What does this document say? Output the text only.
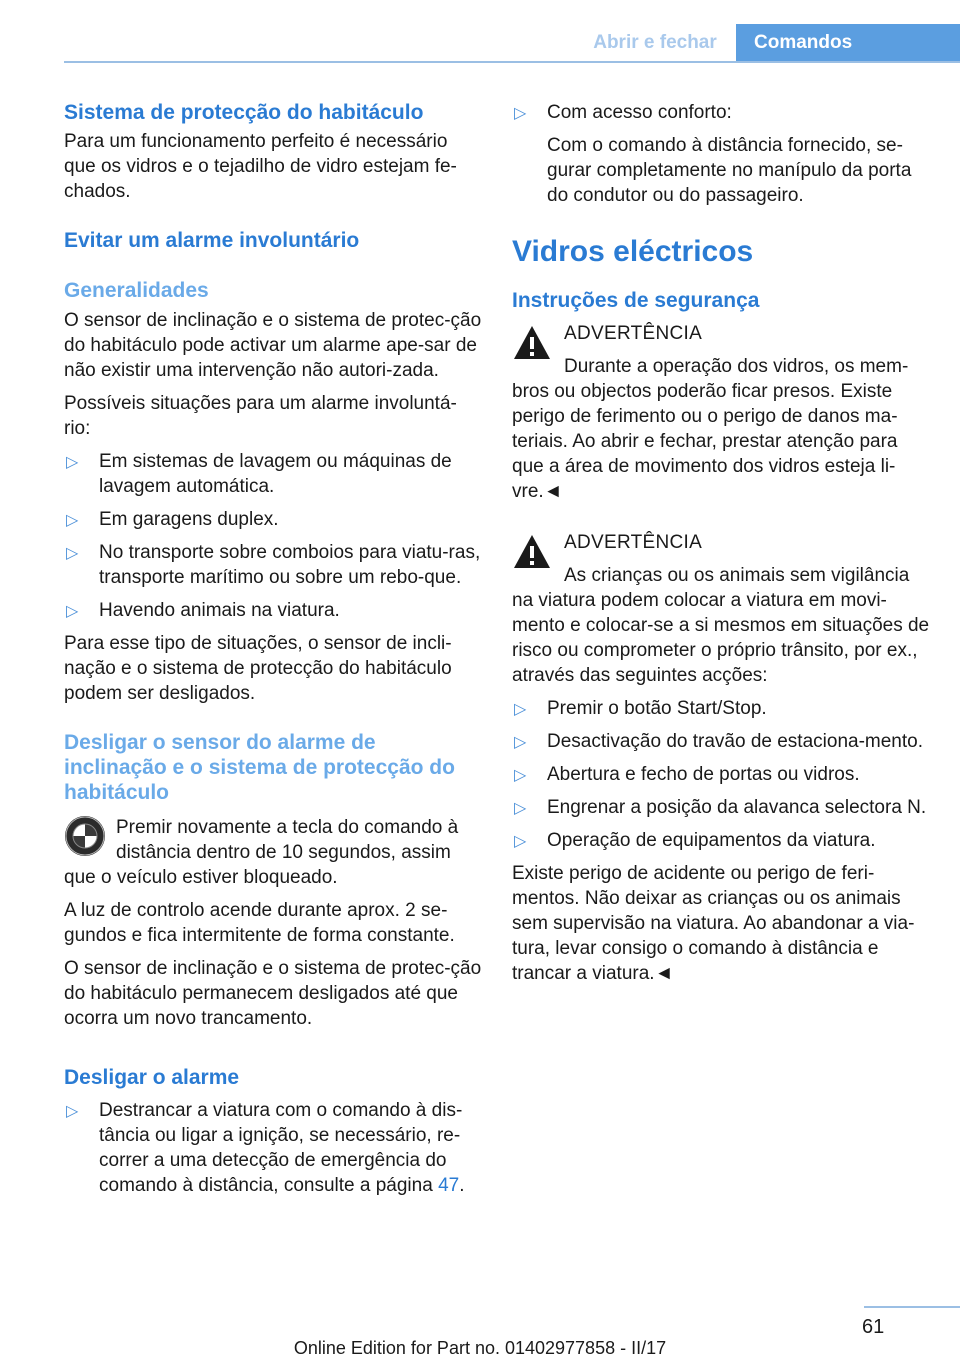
Abrir e fechar	Comandos
Sistema de protecção do habitáculo

Para um funcionamento perfeito é necessário que os vidros e o tejadilho de vidro estejam fe-chados.

Evitar um alarme involuntário
Generalidades

O sensor de inclinação e o sistema de protec-ção do habitáculo pode activar um alarme ape-sar de não existir uma intervenção não autori-zada.

Possíveis situações para um alarme involuntá-rio:

▷ Em sistemas de lavagem ou máquinas de lavagem automática.
▷ Em garagens duplex.
▷ No transporte sobre comboios para viatu-ras, transporte marítimo ou sobre um rebo-que.
▷ Havendo animais na viatura.

Para esse tipo de situações, o sensor de incli-nação e o sistema de protecção do habitáculo podem ser desligados.

Desligar o sensor do alarme de inclinação e o sistema de protecção do habitáculo

Premir novamente a tecla do comando à distância dentro de 10 segundos, assim

que o veículo estiver bloqueado.

A luz de controlo acende durante aprox. 2 se-gundos e fica intermitente de forma constante.

O sensor de inclinação e o sistema de protec-ção do habitáculo permanecem desligados até que ocorra um novo trancamento.

Desligar o alarme
▷ Destrancar a viatura com o comando à dis-tância ou ligar a ignição, se necessário, re-correr a uma detecção de emergência do comando à distância, consulte a página 47.
▷ Com acesso conforto:

Com o comando à distância fornecido, se-gurar completamente no manípulo da porta do condutor ou do passageiro.

Vidros eléctricos
Instruções de segurança
ADVERTÊNCIA

Durante a operação dos vidros, os mem-

bros ou objectos poderão ficar presos. Existe perigo de ferimento ou o perigo de danos ma-teriais. Ao abrir e fechar, prestar atenção para que a área de movimento dos vidros esteja li-vre.◄

ADVERTÊNCIA

As crianças ou os animais sem vigilância

na viatura podem colocar a viatura em movi-mento e colocar-se a si mesmos em situações de risco ou comprometer o próprio trânsito, por ex., através das seguintes acções:

▷ Premir o botão Start/Stop.
▷ Desactivação do travão de estaciona-mento.
▷ Abertura e fecho de portas ou vidros.
▷ Engrenar a posição da alavanca selectora N.
▷ Operação de equipamentos da viatura.

Existe perigo de acidente ou perigo de feri-mentos. Não deixar as crianças ou os animais sem supervisão na viatura. Ao abandonar a via-tura, levar consigo o comando à distância e trancar a viatura.◄

61
Online Edition for Part no. 01402977858 - II/17
